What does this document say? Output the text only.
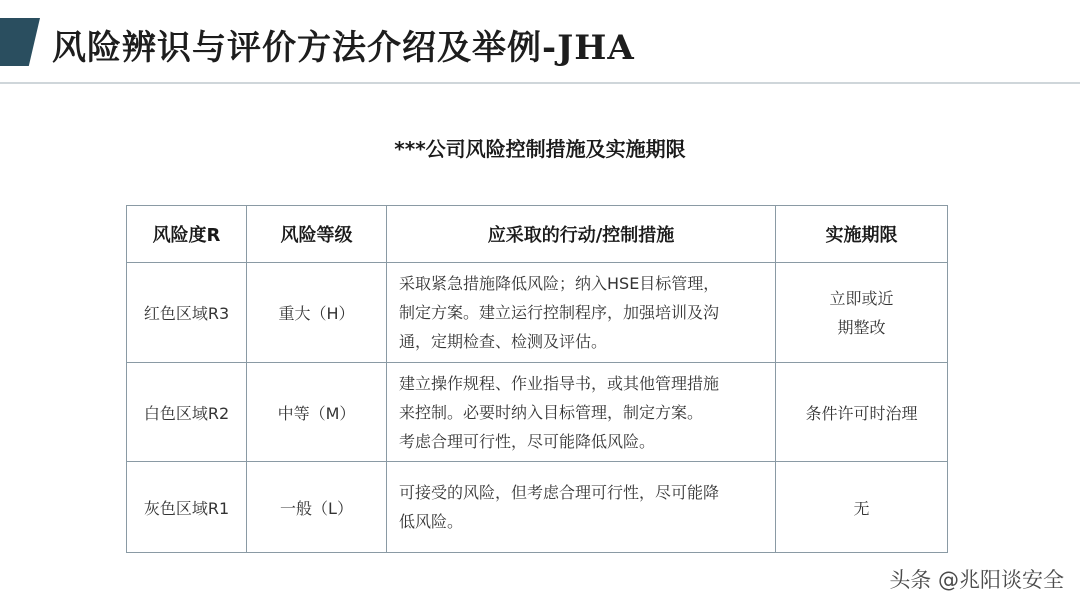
风险辨识与评价方法介绍及举例-JHA
***公司风险控制措施及实施期限
风险度R	风险等级	应采取的行动/控制措施	实施期限
红色区域R3	重大（H）	采取紧急措施降低风险；纳入HSE目标管理，
制定方案。建立运行控制程序，加强培训及沟
通，定期检查、检测及评估。	立即或近
期整改

白色区域R2	中等（M）	建立操作规程、作业指导书，或其他管理措施
来控制。必要时纳入目标管理，制定方案。
考虑合理可行性，尽可能降低风险。	条件许可时治理

灰色区域R1	一般（L）	可接受的风险，但考虑合理可行性，尽可能降
低风险。	无
头条 @兆阳谈安全
